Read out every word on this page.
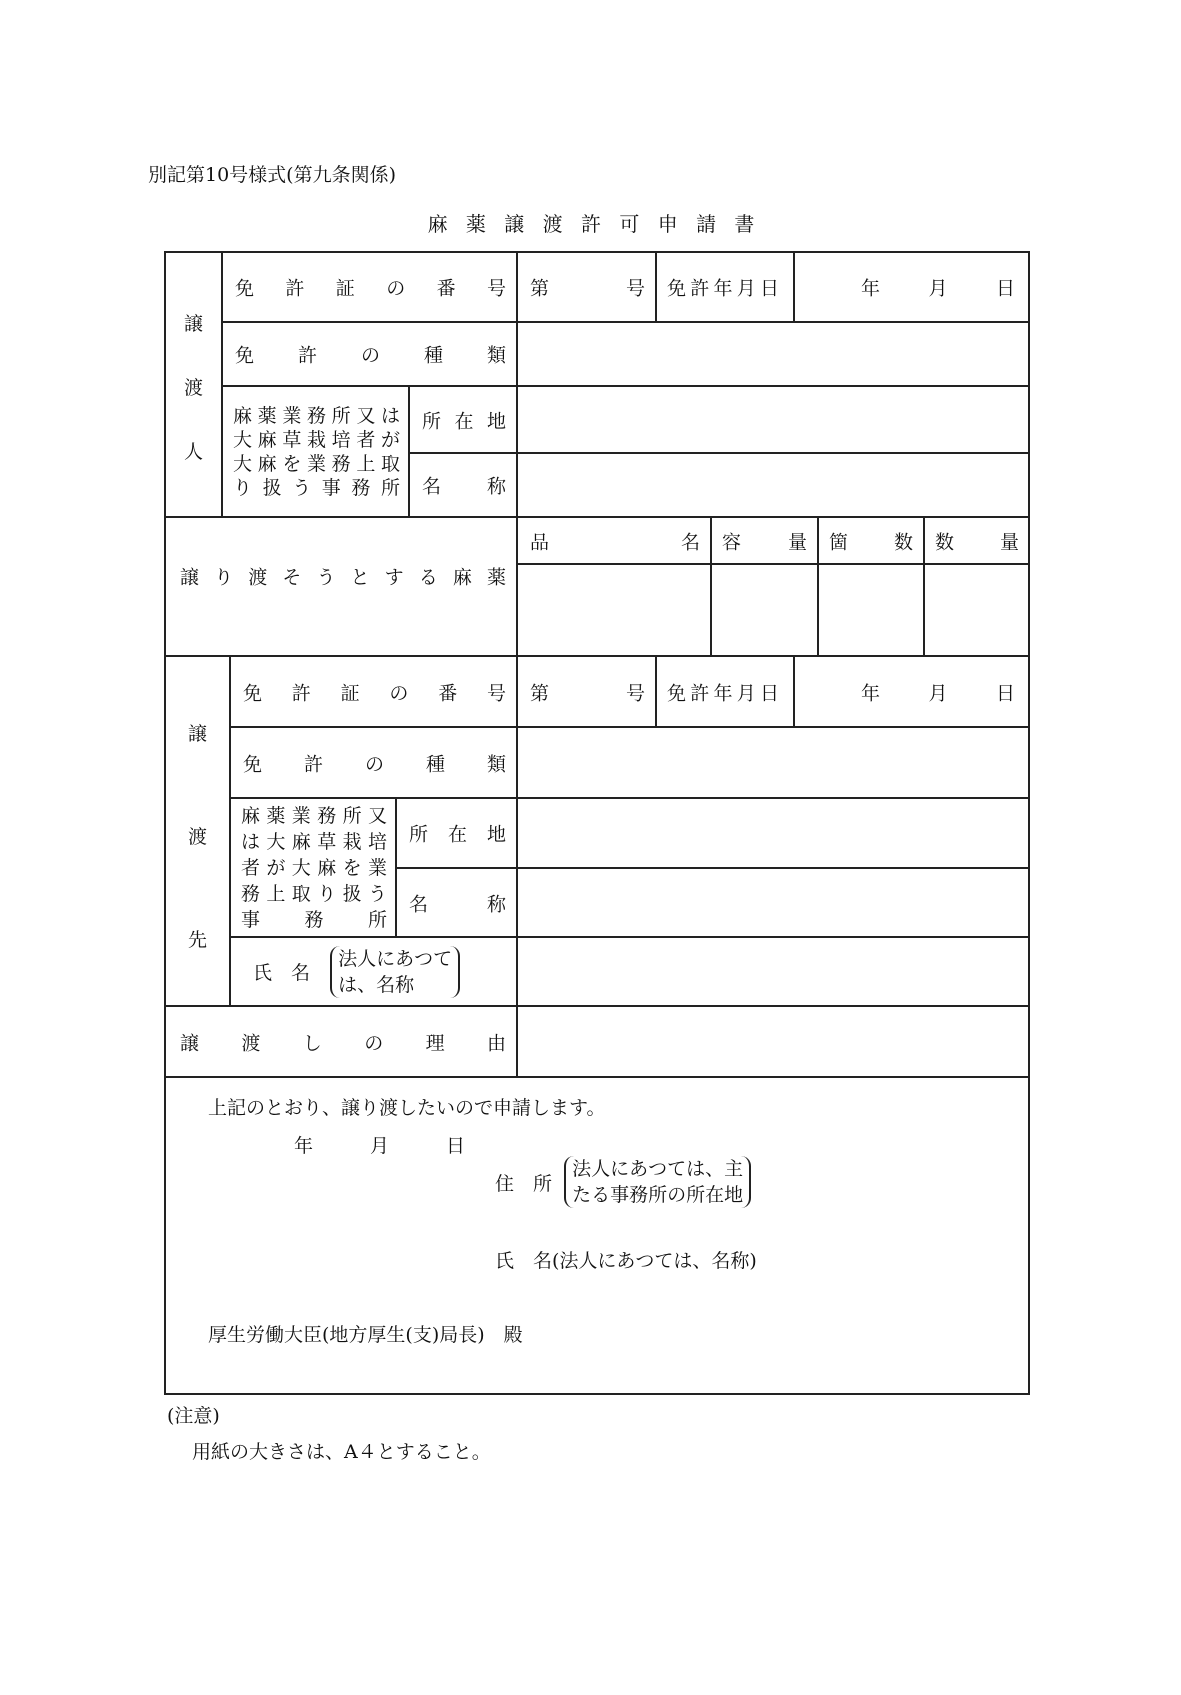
別記第10号様式(第九条関係)
麻 薬 譲 渡 許 可 申 請 書
譲
渡
人
免許証の番号 第　　　号 免許年月日	年　　月　　日
免許の種類
麻薬業務所又は
大麻草栽培者が
大麻を業務上取
り扱う事務所
所在地
名　称
譲り渡そうとする麻薬
品　名 容　量 箇　数 数　量
譲
渡
先
免許証の番号 第　　　号 免許年月日	年　　月　　日
免許の種類
麻薬業務所又
は大麻草栽培
者が大麻を業
務上取り扱う
事　務　所
所在地
名　称
氏　名
法人にあつて
は、名称
譲渡しの理由
上記のとおり、譲り渡したいので申請します。
年　　　月　　　日
住　所
法人にあつては、主
たる事務所の所在地
氏　名(法人にあつては、名称)
厚生労働大臣(地方厚生(支)局長)　殿
(注意)
用紙の大きさは、A４とすること。
